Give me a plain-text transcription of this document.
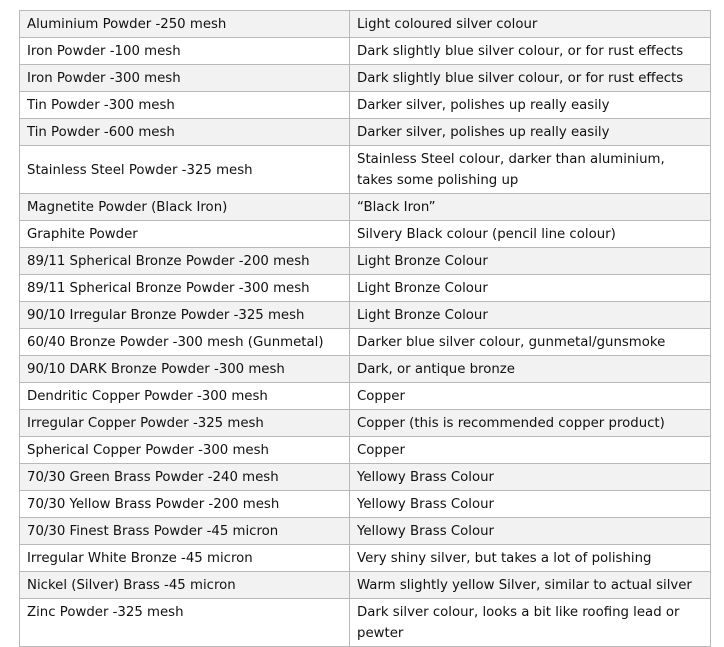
Aluminium Powder -250 mesh	Light coloured silver colour
Iron Powder -100 mesh	Dark slightly blue silver colour, or for rust effects
Iron Powder -300 mesh	Dark slightly blue silver colour, or for rust effects
Tin Powder -300 mesh	Darker silver, polishes up really easily
Tin Powder -600 mesh	Darker silver, polishes up really easily
Stainless Steel Powder -325 mesh	Stainless Steel colour, darker than aluminium, takes some polishing up
Magnetite Powder (Black Iron)	“Black Iron”
Graphite Powder	Silvery Black colour (pencil line colour)
89/11 Spherical Bronze Powder -200 mesh	Light Bronze Colour
89/11 Spherical Bronze Powder -300 mesh	Light Bronze Colour
90/10 Irregular Bronze Powder -325 mesh	Light Bronze Colour
60/40 Bronze Powder -300 mesh (Gunmetal)	Darker blue silver colour, gunmetal/gunsmoke
90/10 DARK Bronze Powder -300 mesh	Dark, or antique bronze
Dendritic Copper Powder -300 mesh	Copper
Irregular Copper Powder -325 mesh	Copper (this is recommended copper product)
Spherical Copper Powder -300 mesh	Copper
70/30 Green Brass Powder -240 mesh	Yellowy Brass Colour
70/30 Yellow Brass Powder -200 mesh	Yellowy Brass Colour
70/30 Finest Brass Powder -45 micron	Yellowy Brass Colour
Irregular White Bronze -45 micron	Very shiny silver, but takes a lot of polishing
Nickel (Silver) Brass -45 micron	Warm slightly yellow Silver, similar to actual silver
Zinc Powder -325 mesh	Dark silver colour, looks a bit like roofing lead or pewter
